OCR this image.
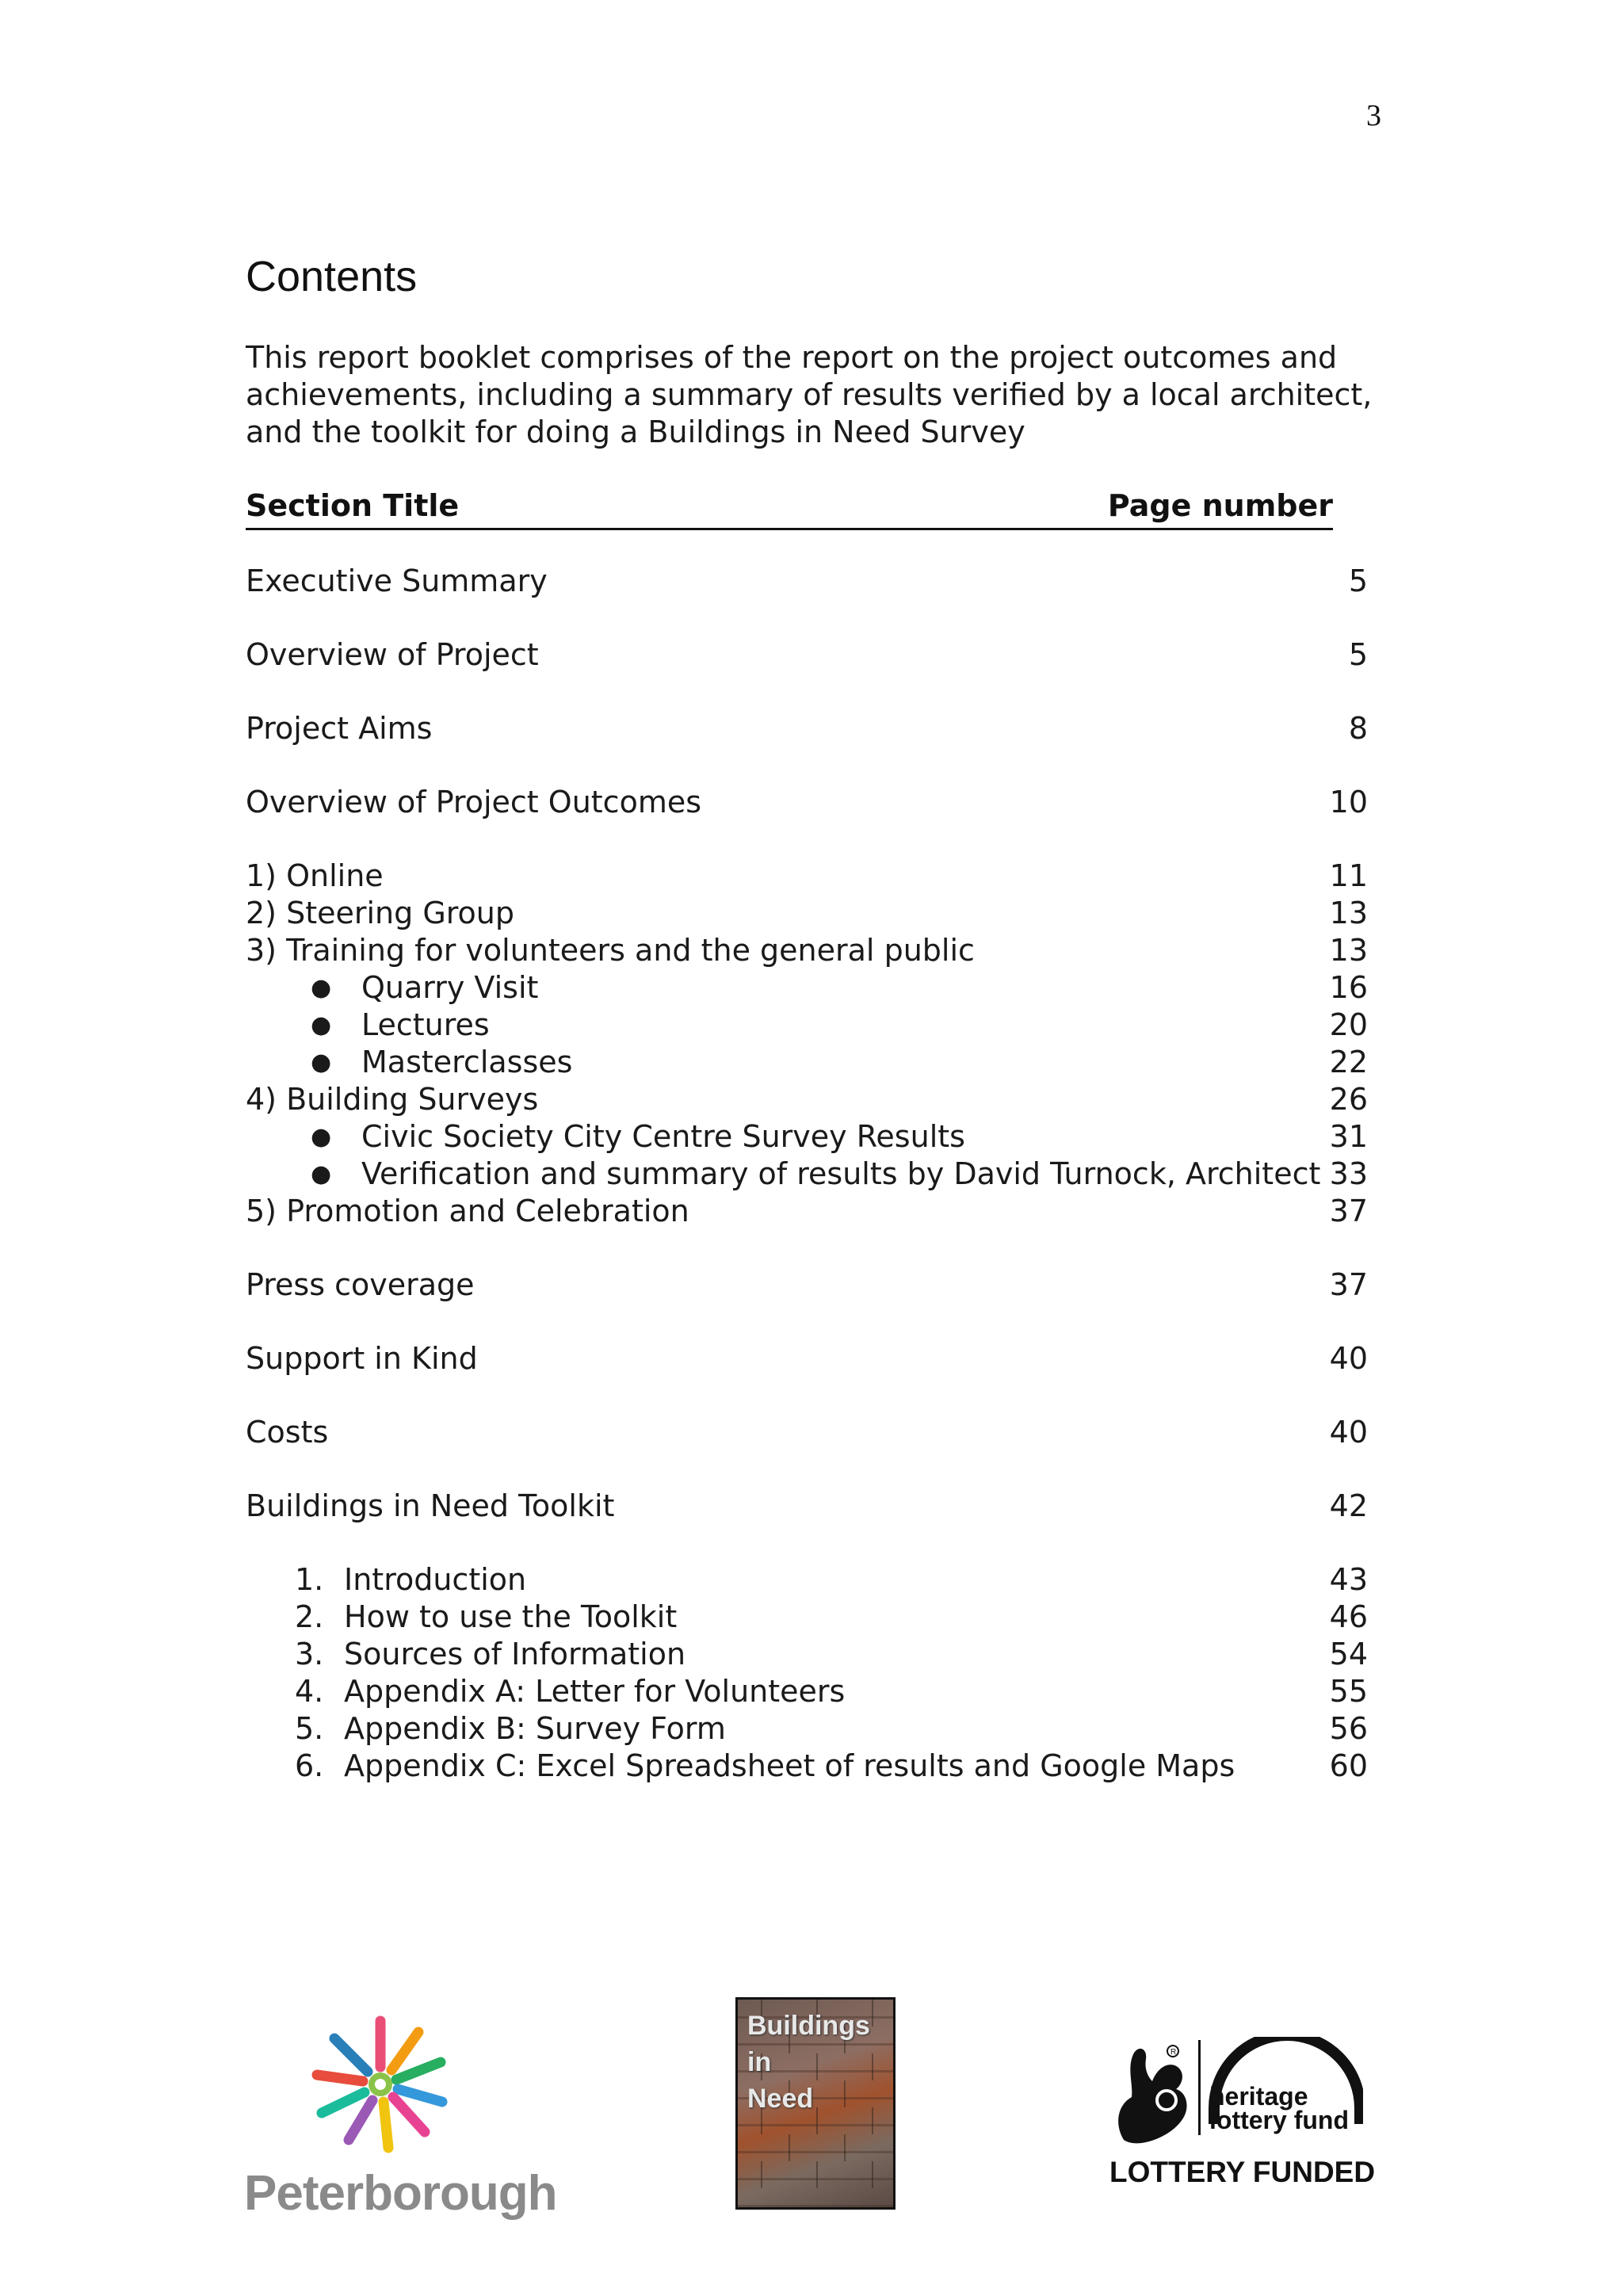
3
Contents

This report booklet comprises of the report on the project outcomes and achievements, including a summary of results verified by a local architect, and the toolkit for doing a Buildings in Need Survey

Section Title	Page number
Executive Summary	5
Overview of Project	5
Project Aims	8
Overview of Project Outcomes	10
1) Online	11
2) Steering Group	13
3) Training for volunteers and the general public	13
● Quarry Visit	16
● Lectures	20
● Masterclasses	22
4) Building Surveys	26
● Civic Society City Centre Survey Results	31
● Verification and summary of results by David Turnock, Architect 33
5) Promotion and Celebration	37
Press coverage	37
Support in Kind	40
Costs	40
Buildings in Need Toolkit	42
1. Introduction	43
2. How to use the Toolkit	46
3. Sources of Information	54
4. Appendix A: Letter for Volunteers	55
5. Appendix B: Survey Form	56
6. Appendix C: Excel Spreadsheet of results and Google Maps	60
Peterborough
Buildings
in
Need
R
heritage
lottery fund
LOTTERY FUNDED
